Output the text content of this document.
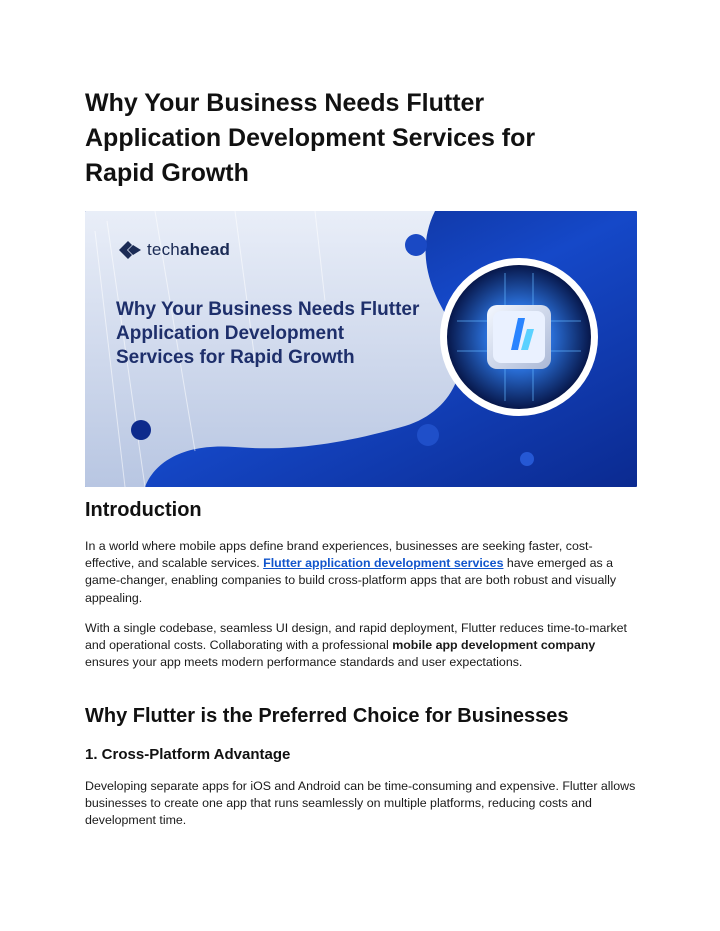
Why Your Business Needs Flutter
Application Development Services for
Rapid Growth
tech ahead
Why Your Business Needs Flutter
Application Development
Services for Rapid Growth
Introduction

In a world where mobile apps define brand experiences, businesses are seeking faster, cost-effective, and scalable services. Flutter application development services have emerged as a game-changer, enabling companies to build cross-platform apps that are both robust and visually appealing.

With a single codebase, seamless UI design, and rapid deployment, Flutter reduces time-to-market and operational costs. Collaborating with a professional mobile app development company ensures your app meets modern performance standards and user expectations.

Why Flutter is the Preferred Choice for Businesses
1. Cross-Platform Advantage

Developing separate apps for iOS and Android can be time-consuming and expensive. Flutter allows businesses to create one app that runs seamlessly on multiple platforms, reducing costs and development time.
